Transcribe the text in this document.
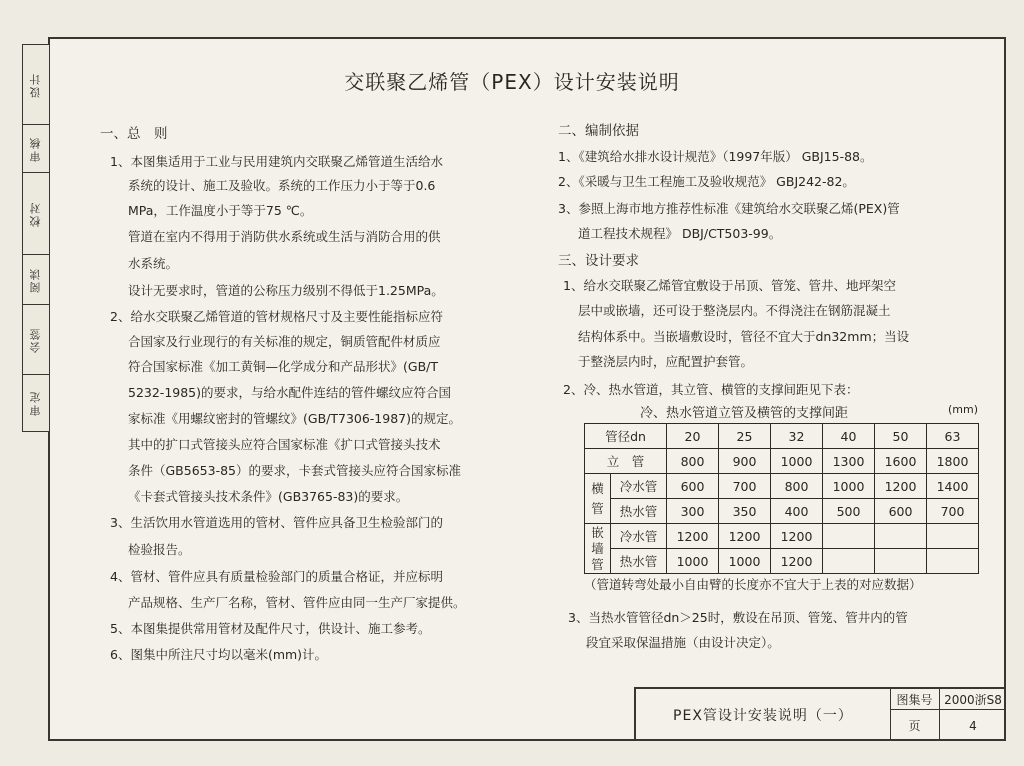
设计
审核
校对
阅读
会签
审定
交联聚乙烯管（PEX）设计安装说明
一、总　则
1、本图集适用于工业与民用建筑内交联聚乙烯管道生活给水
系统的设计、施工及验收。系统的工作压力小于等于0.6
MPa，工作温度小于等于75 ℃。
管道在室内不得用于消防供水系统或生活与消防合用的供
水系统。
设计无要求时，管道的公称压力级别不得低于1.25MPa。
2、给水交联聚乙烯管道的管材规格尺寸及主要性能指标应符
合国家及行业现行的有关标准的规定，铜质管配件材质应
符合国家标准《加工黄铜—化学成分和产品形状》(GB/T
5232-1985)的要求，与给水配件连结的管件螺纹应符合国
家标准《用螺纹密封的管螺纹》(GB/T7306-1987)的规定。
其中的扩口式管接头应符合国家标准《扩口式管接头技术
条件（GB5653-85）的要求，卡套式管接头应符合国家标准
《卡套式管接头技术条件》(GB3765-83)的要求。
3、生活饮用水管道选用的管材、管件应具备卫生检验部门的
检验报告。
4、管材、管件应具有质量检验部门的质量合格证，并应标明
产品规格、生产厂名称，管材、管件应由同一生产厂家提供。
5、本图集提供常用管材及配件尺寸，供设计、施工参考。
6、图集中所注尺寸均以毫米(mm)计。
二、编制依据
1、《建筑给水排水设计规范》（1997年版） GBJ15-88。
2、《采暖与卫生工程施工及验收规范》 GBJ242-82。
3、参照上海市地方推荐性标准《建筑给水交联聚乙烯(PEX)管
道工程技术规程》 DBJ/CT503-99。
三、设计要求
1、给水交联聚乙烯管宜敷设于吊顶、管笼、管井、地坪架空
层中或嵌墙，还可设于整浇层内。不得浇注在钢筋混凝土
结构体系中。当嵌墙敷设时，管径不宜大于dn32mm；当设
于整浇层内时，应配置护套管。
2、冷、热水管道，其立管、横管的支撑间距见下表：
冷、热水管道立管及横管的支撑间距	(mm)
管径dn		20	25	32	40	50	63
立　管		800	900	1000	1300	1600	1800
横管	冷水管	600	700	800	1000	1200	1400
	热水管	300	350	400	500	600	700
嵌墙管	冷水管	1200	1200	1200			
	热水管	1000	1000	1200			
（管道转弯处最小自由臂的长度亦不宜大于上表的对应数据）
3、当热水管管径dn＞25时，敷设在吊顶、管笼、管井内的管
段宜采取保温措施（由设计决定）。
PEX管设计安装说明（一）
图集号 2000浙S8
页	4
